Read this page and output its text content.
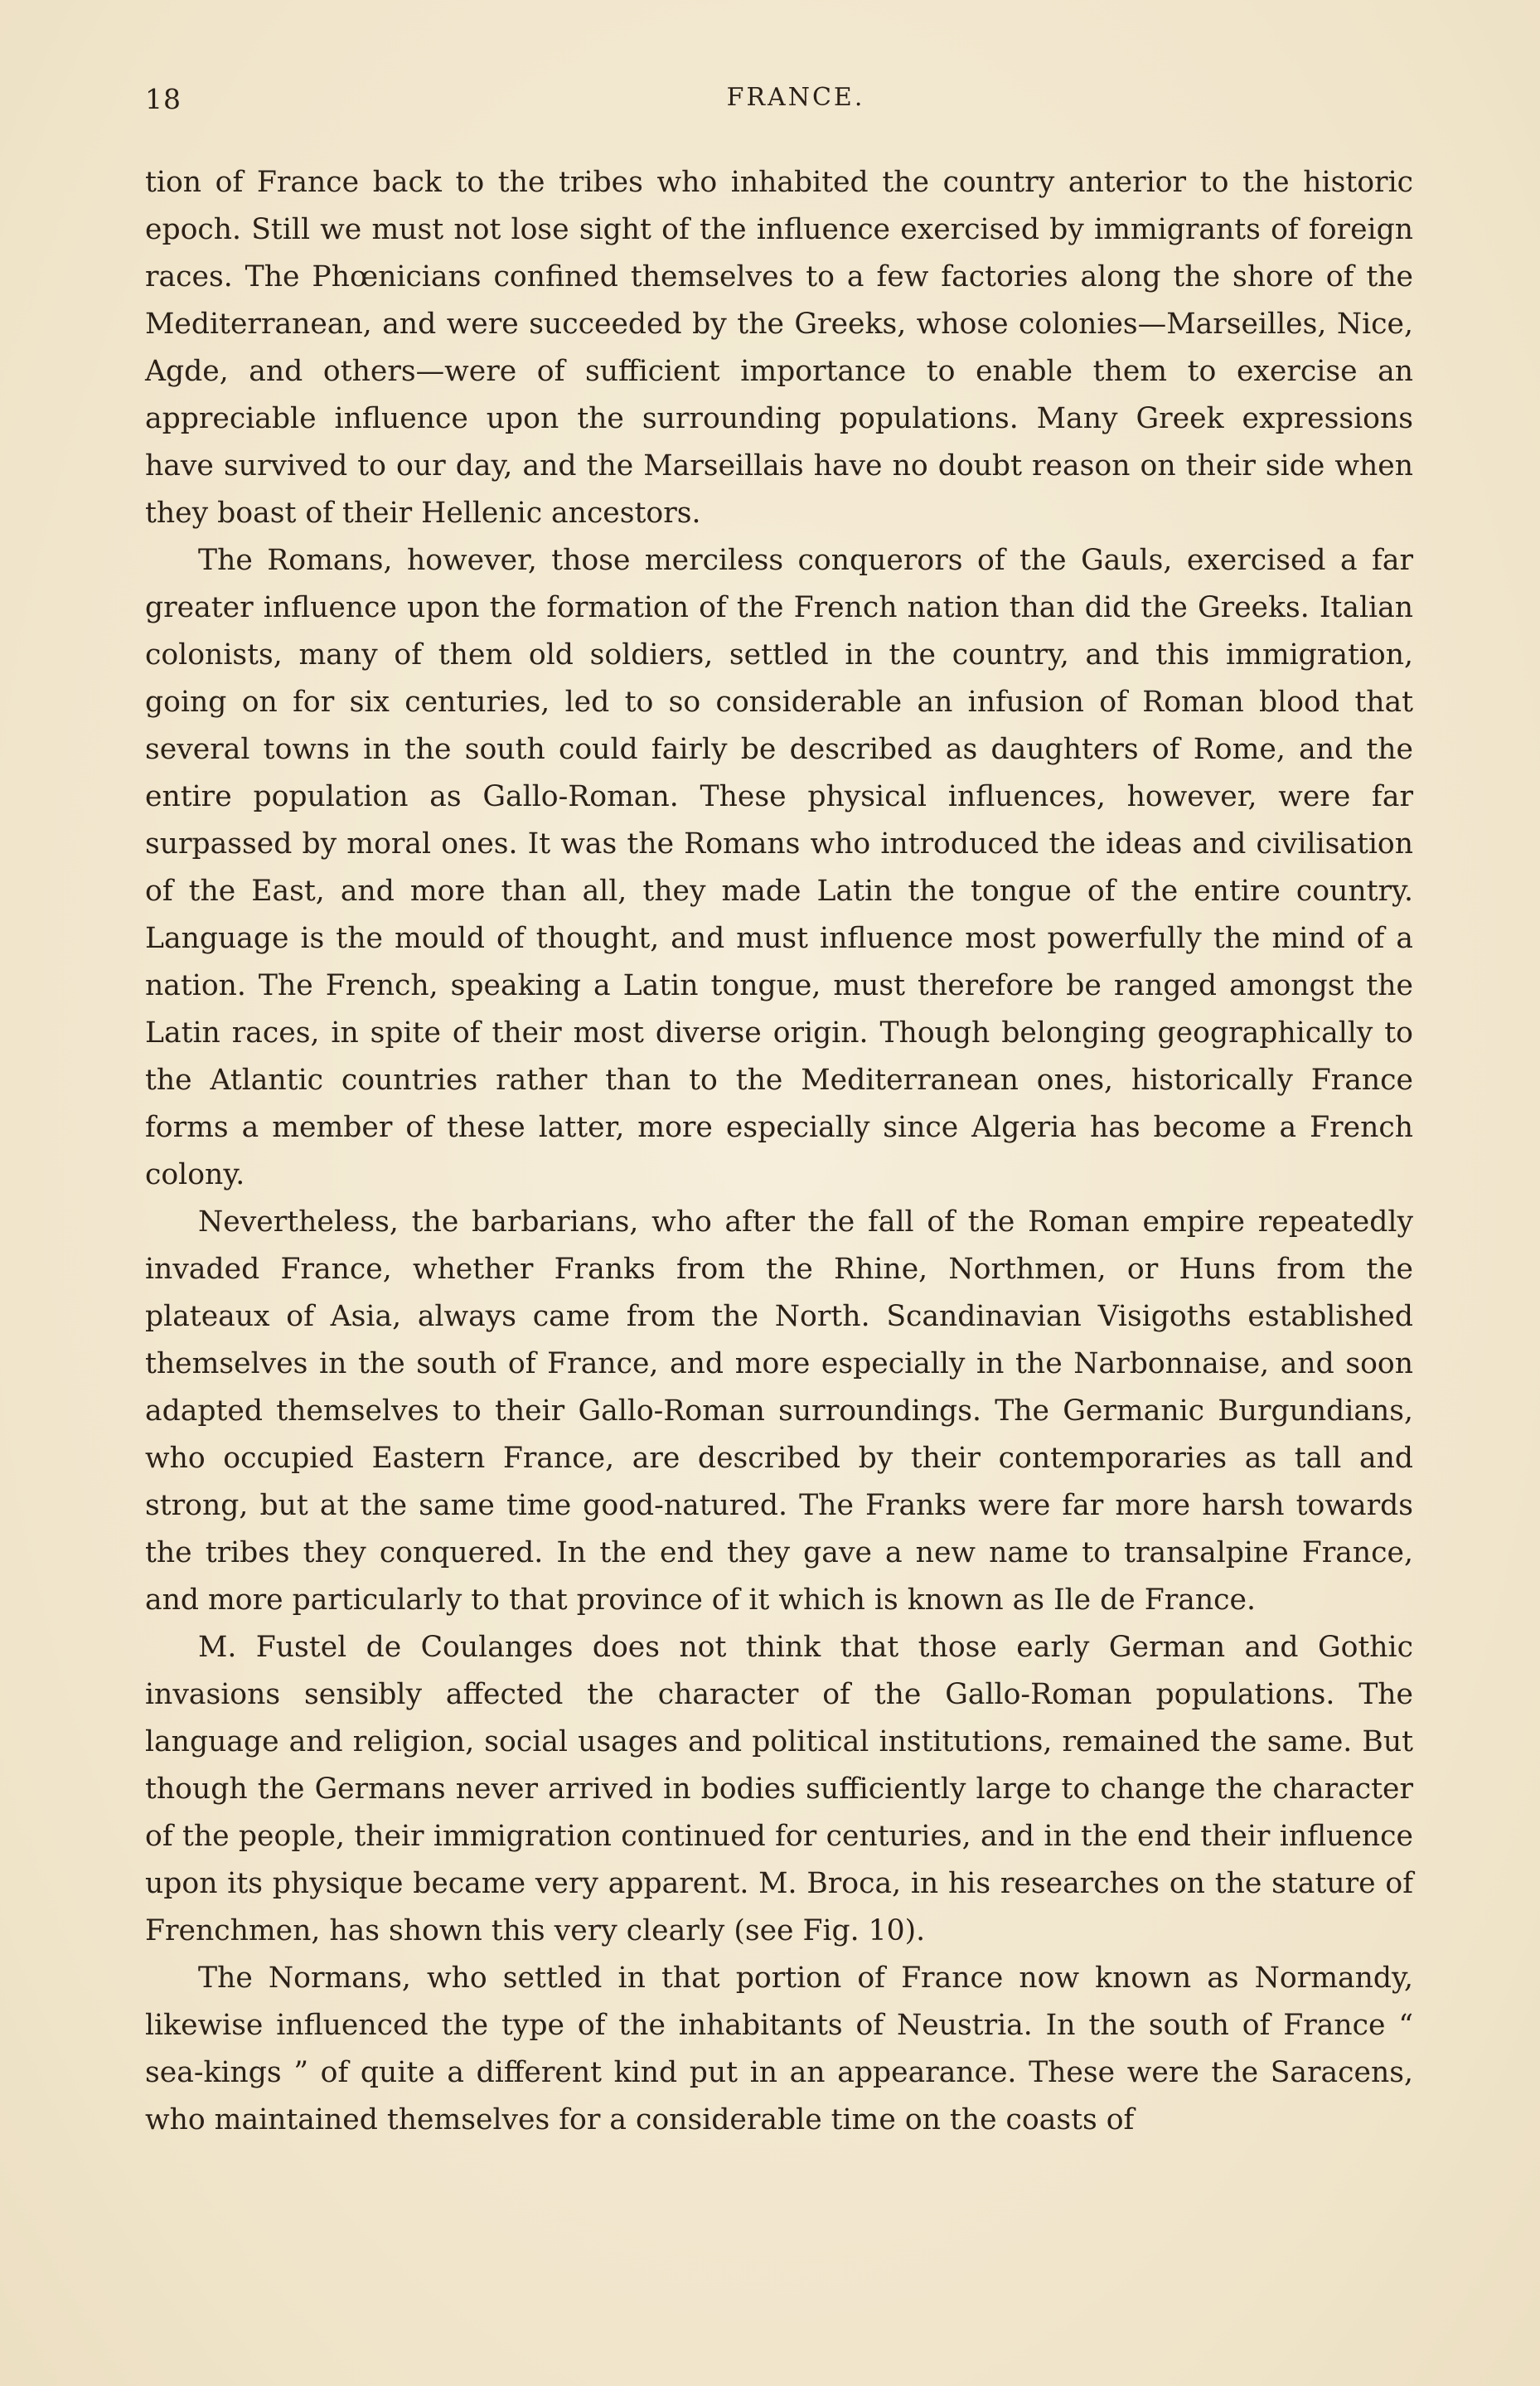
18	FRANCE.

tion of France back to the tribes who inhabited the country anterior to the historic epoch. Still we must not lose sight of the influence exercised by immigrants of foreign races. The Phœnicians confined themselves to a few factories along the shore of the Mediterranean, and were succeeded by the Greeks, whose colonies—Marseilles, Nice, Agde, and others—were of sufficient importance to enable them to exercise an appreciable influence upon the surrounding populations. Many Greek expressions have survived to our day, and the Marseillais have no doubt reason on their side when they boast of their Hellenic ancestors.

The Romans, however, those merciless conquerors of the Gauls, exercised a far greater influence upon the formation of the French nation than did the Greeks. Italian colonists, many of them old soldiers, settled in the country, and this immigration, going on for six centuries, led to so considerable an infusion of Roman blood that several towns in the south could fairly be described as daughters of Rome, and the entire population as Gallo-Roman. These physical influences, however, were far surpassed by moral ones. It was the Romans who introduced the ideas and civilisation of the East, and more than all, they made Latin the tongue of the entire country. Language is the mould of thought, and must influence most powerfully the mind of a nation. The French, speaking a Latin tongue, must therefore be ranged amongst the Latin races, in spite of their most diverse origin. Though belonging geographically to the Atlantic countries rather than to the Mediterranean ones, historically France forms a member of these latter, more especially since Algeria has become a French colony.

Nevertheless, the barbarians, who after the fall of the Roman empire repeatedly invaded France, whether Franks from the Rhine, Northmen, or Huns from the plateaux of Asia, always came from the North. Scandinavian Visigoths established themselves in the south of France, and more especially in the Narbonnaise, and soon adapted themselves to their Gallo-Roman surroundings. The Germanic Burgundians, who occupied Eastern France, are described by their contemporaries as tall and strong, but at the same time good-natured. The Franks were far more harsh towards the tribes they conquered. In the end they gave a new name to transalpine France, and more particularly to that province of it which is known as Ile de France.

M. Fustel de Coulanges does not think that those early German and Gothic invasions sensibly affected the character of the Gallo-Roman populations. The language and religion, social usages and political institutions, remained the same. But though the Germans never arrived in bodies sufficiently large to change the character of the people, their immigration continued for centuries, and in the end their influence upon its physique became very apparent. M. Broca, in his researches on the stature of Frenchmen, has shown this very clearly (see Fig. 10).

The Normans, who settled in that portion of France now known as Normandy, likewise influenced the type of the inhabitants of Neustria. In the south of France “ sea-kings ” of quite a different kind put in an appearance. These were the Saracens, who maintained themselves for a considerable time on the coasts of
